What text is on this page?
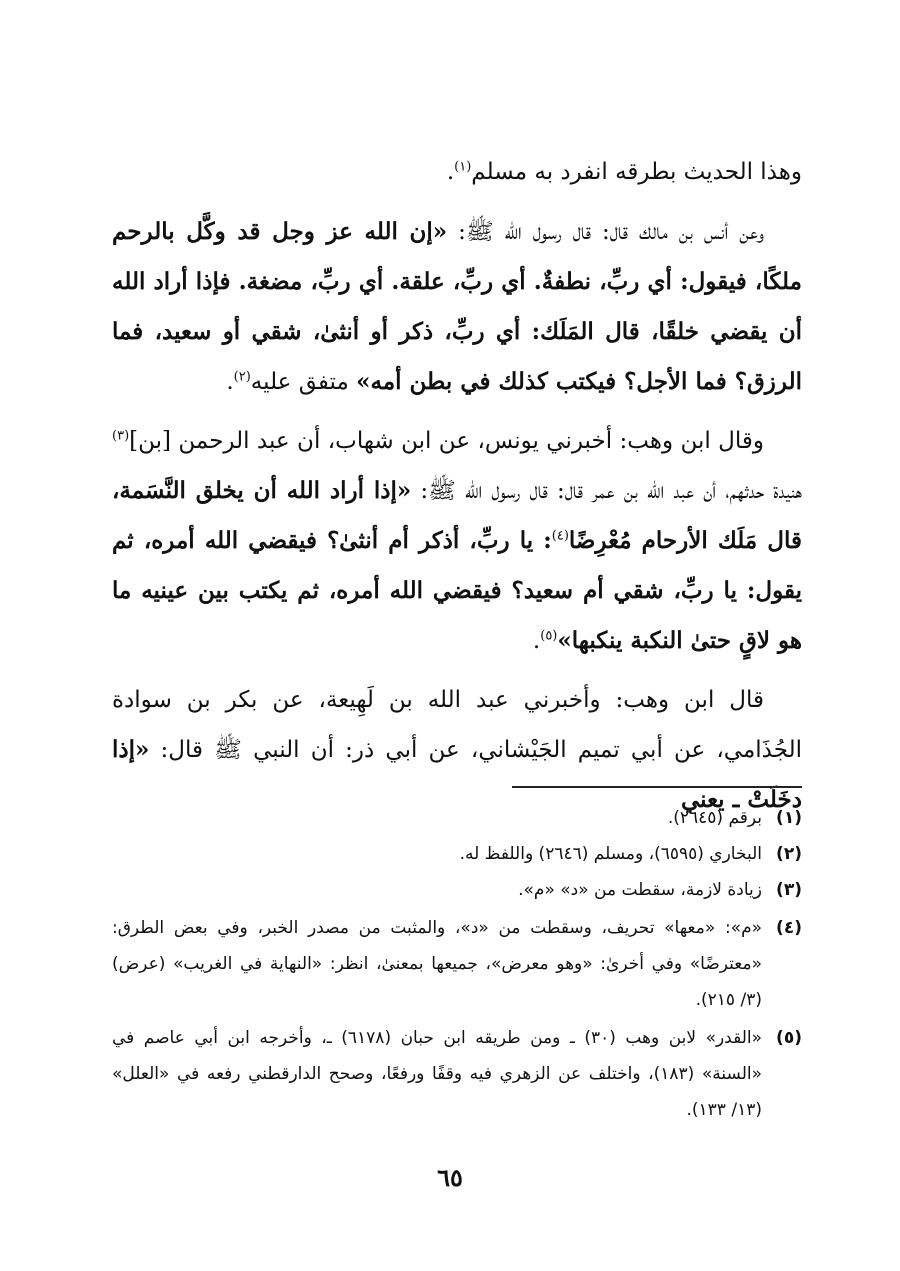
وهذا الحديث بطرقه انفرد به مسلم$^{(١)}$.

وعن أنس بن مالك قال: قال رسول الله ﷺ: «إن الله عز وجل قد وكَّل بالرحم ملكًا، فيقول: أي ربِّ، نطفةٌ. أي ربِّ، علقة. أي ربِّ، مضغة. فإذا أراد الله أن يقضي خلقًا، قال المَلَك: أي ربِّ، ذكر أو أنثىٰ، شقي أو سعيد، فما الرزق؟ فما الأجل؟ فيكتب كذلك في بطن أمه» متفق عليه$^{(٢)}$.

وقال ابن وهب: أخبرني يونس، عن ابن شهاب، أن عبد الرحمن [بن]$^{(٣)}$ هنيدة حدثهم، أن عبد الله بن عمر قال: قال رسول الله ﷺ: «إذا أراد الله أن يخلق النَّسَمة، قال مَلَك الأرحام مُعْرِضًا$^{(٤)}$: يا ربِّ، أذكر أم أنثىٰ؟ فيقضي الله أمره، ثم يقول: يا ربِّ، شقي أم سعيد؟ فيقضي الله أمره، ثم يكتب بين عينيه ما هو لاقٍ حتىٰ النكبة ينكبها»$^{(٥)}$.

قال ابن وهب: وأخبرني عبد الله بن لَهِيعة، عن بكر بن سوادة الجُذَامي، عن أبي تميم الجَيْشاني، عن أبي ذر: أن النبي ﷺ قال: «إذا دخَلَتْ ـ يعني

(١)
برقم (٢٦٤٥).
(٢)
البخاري (٦٥٩٥)، ومسلم (٢٦٤٦) واللفظ له.
(٣)
زيادة لازمة، سقطت من «د» «م».
(٤)
«م»: «معها» تحريف، وسقطت من «د»، والمثبت من مصدر الخبر، وفي بعض الطرق: «معترضًا» وفي أخرىٰ: «وهو معرض»، جميعها بمعنىٰ، انظر: «النهاية في الغريب» (عرض) (٣/ ٢١٥).
(٥)
«القدر» لابن وهب (٣٠) ـ ومن طريقه ابن حبان (٦١٧٨) ـ، وأخرجه ابن أبي عاصم في «السنة» (١٨٣)، واختلف عن الزهري فيه وقفًا ورفعًا، وصحح الدارقطني رفعه في «العلل» (١٣/ ١٣٣).
٦٥
